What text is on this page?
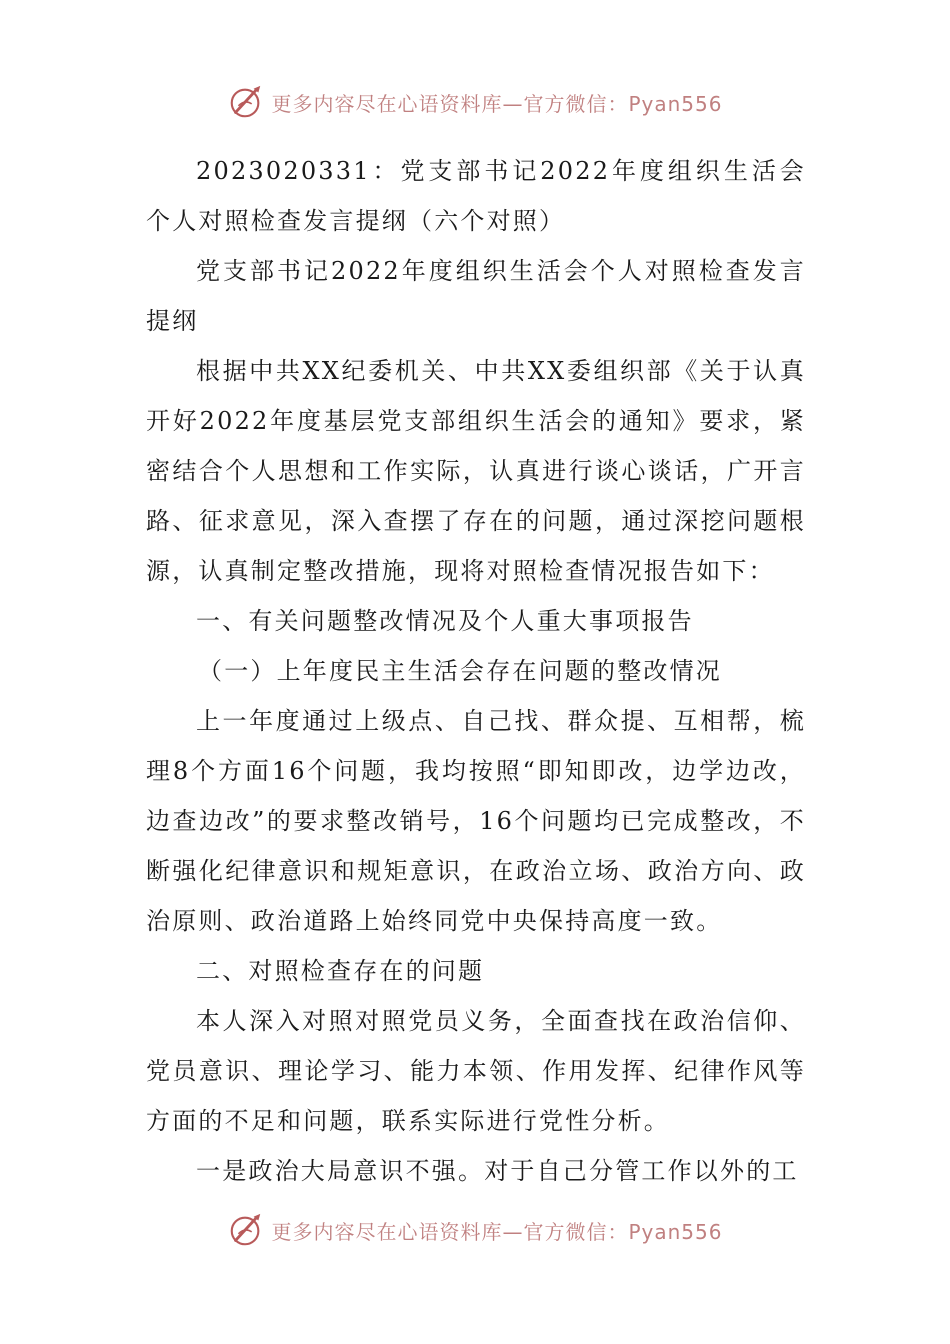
更多内容尽在心语资料库—官方微信：Pyan556

2023020331：党支部书记2022年度组织生活会个人对照检查发言提纲（六个对照）

党支部书记2022年度组织生活会个人对照检查发言提纲

根据中共XX纪委机关、中共XX委组织部《关于认真开好2022年度基层党支部组织生活会的通知》要求，紧密结合个人思想和工作实际，认真进行谈心谈话，广开言路、征求意见，深入查摆了存在的问题，通过深挖问题根源，认真制定整改措施，现将对照检查情况报告如下：

一、有关问题整改情况及个人重大事项报告

（一）上年度民主生活会存在问题的整改情况

上一年度通过上级点、自己找、群众提、互相帮，梳理8个方面16个问题，我均按照“即知即改，边学边改，边查边改”的要求整改销号，16个问题均已完成整改，不断强化纪律意识和规矩意识，在政治立场、政治方向、政治原则、政治道路上始终同党中央保持高度一致。

二、对照检查存在的问题

本人深入对照对照党员义务，全面查找在政治信仰、党员意识、理论学习、能力本领、作用发挥、纪律作风等方面的不足和问题，联系实际进行党性分析。

一是政治大局意识不强。对于自己分管工作以外的工

更多内容尽在心语资料库—官方微信：Pyan556
